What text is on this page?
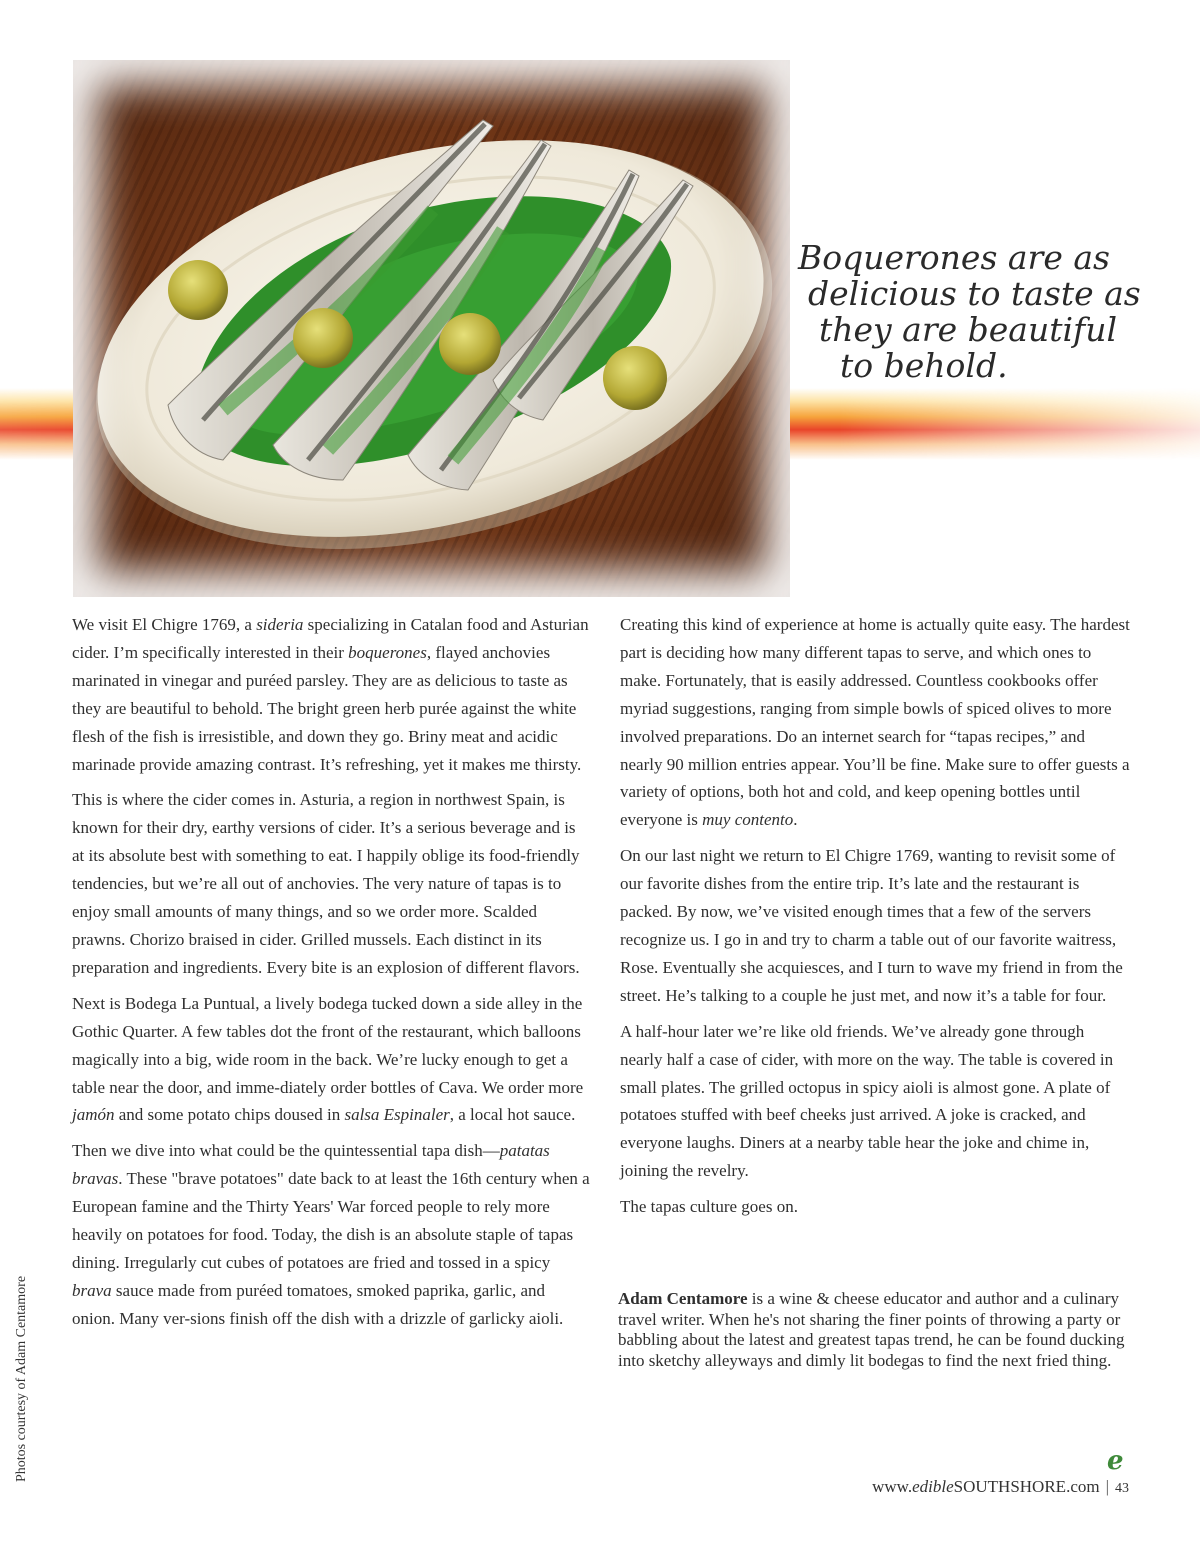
Boquerones are as
delicious to taste as
they are beautiful
to behold.

We visit El Chigre 1769, a sideria specializing in Catalan food and Asturian cider. I’m specifically interested in their boquerones, flayed anchovies marinated in vinegar and puréed parsley. They are as delicious to taste as they are beautiful to behold. The bright green herb purée against the white flesh of the fish is irresistible, and down they go. Briny meat and acidic marinade provide amazing contrast. It’s refreshing, yet it makes me thirsty.

This is where the cider comes in. Asturia, a region in northwest Spain, is known for their dry, earthy versions of cider. It’s a serious beverage and is at its absolute best with something to eat. I happily oblige its food-friendly tendencies, but we’re all out of anchovies. The very nature of tapas is to enjoy small amounts of many things, and so we order more. Scalded prawns. Chorizo braised in cider. Grilled mussels. Each distinct in its preparation and ingredients. Every bite is an explosion of different flavors.

Next is Bodega La Puntual, a lively bodega tucked down a side alley in the Gothic Quarter. A few tables dot the front of the restaurant, which balloons magically into a big, wide room in the back. We’re lucky enough to get a table near the door, and imme-diately order bottles of Cava. We order more jamón and some potato chips doused in salsa Espinaler, a local hot sauce.

Then we dive into what could be the quintessential tapa dish—patatas bravas. These "brave potatoes" date back to at least the 16th century when a European famine and the Thirty Years' War forced people to rely more heavily on potatoes for food. Today, the dish is an absolute staple of tapas dining. Irregularly cut cubes of potatoes are fried and tossed in a spicy brava sauce made from puréed tomatoes, smoked paprika, garlic, and onion. Many ver-sions finish off the dish with a drizzle of garlicky aioli.

Creating this kind of experience at home is actually quite easy. The hardest part is deciding how many different tapas to serve, and which ones to make. Fortunately, that is easily addressed. Countless cookbooks offer myriad suggestions, ranging from simple bowls of spiced olives to more involved preparations. Do an internet search for “tapas recipes,” and nearly 90 million entries appear. You’ll be fine. Make sure to offer guests a variety of options, both hot and cold, and keep opening bottles until everyone is muy contento.

On our last night we return to El Chigre 1769, wanting to revisit some of our favorite dishes from the entire trip. It’s late and the restaurant is packed. By now, we’ve visited enough times that a few of the servers recognize us. I go in and try to charm a table out of our favorite waitress, Rose. Eventually she acquiesces, and I turn to wave my friend in from the street. He’s talking to a couple he just met, and now it’s a table for four.

A half-hour later we’re like old friends. We’ve already gone through nearly half a case of cider, with more on the way. The table is covered in small plates. The grilled octopus in spicy aioli is almost gone. A plate of potatoes stuffed with beef cheeks just arrived. A joke is cracked, and everyone laughs. Diners at a nearby table hear the joke and chime in, joining the revelry.

The tapas culture goes on.

Adam Centamore is a wine & cheese educator and author and a culinary travel writer. When he's not sharing the finer points of throwing a party or babbling about the latest and greatest tapas trend, he can be found ducking into sketchy alleyways and dimly lit bodegas to find the next fried thing.
Photos courtesy of Adam Centamore	e
www.edibleSOUTHSHORE.com | 43
